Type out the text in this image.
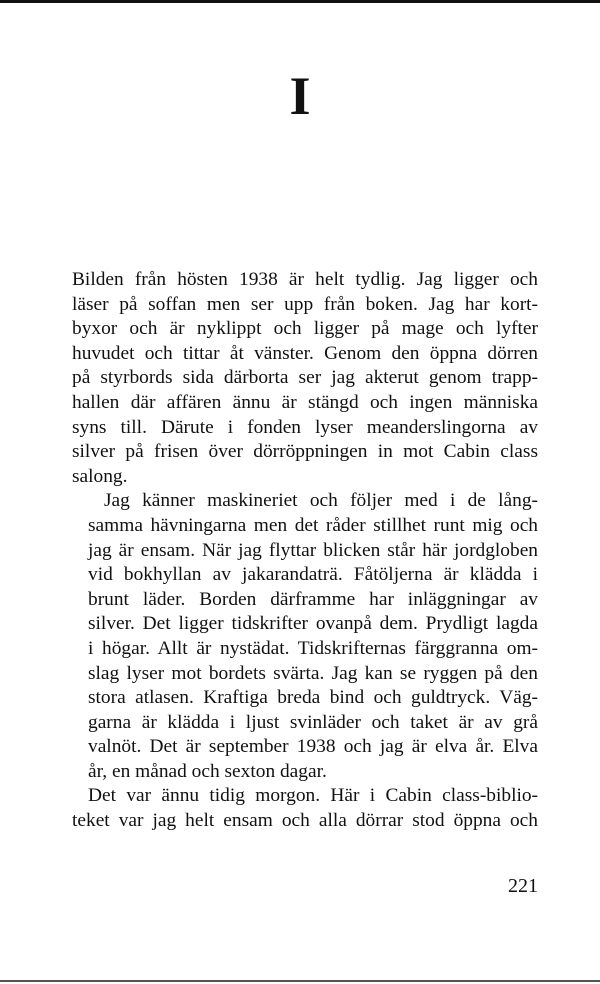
I

Bilden från hösten 1938 är helt tydlig. Jag ligger och
läser på soffan men ser upp från boken. Jag har kort-
byxor och är nyklippt och ligger på mage och lyfter
huvudet och tittar åt vänster. Genom den öppna dörren
på styrbords sida därborta ser jag akterut genom trapp-
hallen där affären ännu är stängd och ingen människa
syns till. Därute i fonden lyser meanderslingorna av
silver på frisen över dörröppningen in mot Cabin class
salong.

Jag känner maskineriet och följer med i de lång-
samma hävningarna men det råder stillhet runt mig och
jag är ensam. När jag flyttar blicken står här jordgloben
vid bokhyllan av jakarandaträ. Fåtöljerna är klädda i
brunt läder. Borden därframme har inläggningar av
silver. Det ligger tidskrifter ovanpå dem. Prydligt lagda
i högar. Allt är nystädat. Tidskrifternas färggranna om-
slag lyser mot bordets svärta. Jag kan se ryggen på den
stora atlasen. Kraftiga breda bind och guldtryck. Väg-
garna är klädda i ljust svinläder och taket är av grå
valnöt. Det är september 1938 och jag är elva år. Elva
år, en månad och sexton dagar.

Det var ännu tidig morgon. Här i Cabin class-biblio-
teket var jag helt ensam och alla dörrar stod öppna och

221
